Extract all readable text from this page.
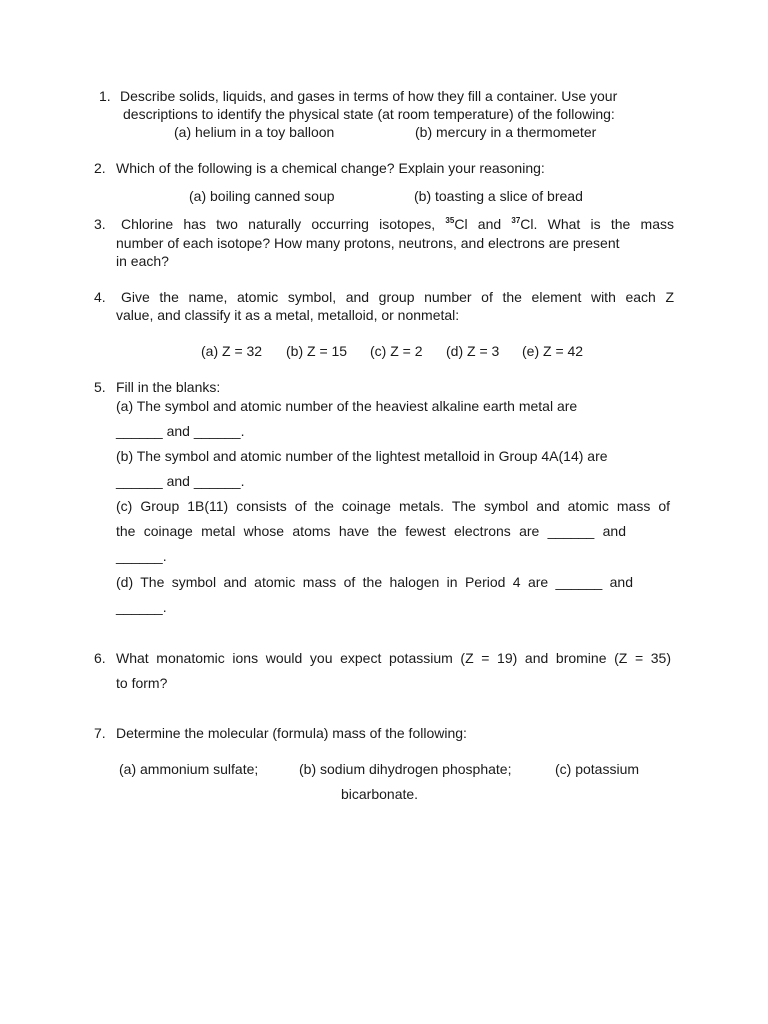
1. Describe solids, liquids, and gases in terms of how they fill a container. Use your
descriptions to identify the physical state (at room temperature) of the following:
(a) helium in a toy balloon	(b) mercury in a thermometer
2. Which of the following is a chemical change? Explain your reasoning:
(a) boiling canned soup	(b) toasting a slice of bread
3. Chlorine has two naturally occurring isotopes, $^{35}$Cl and $^{37}$Cl. What is the mass
number of each isotope? How many protons, neutrons, and electrons are present
in each?
4. Give the name, atomic symbol, and group number of the element with each Z
value, and classify it as a metal, metalloid, or nonmetal:
(a) Z = 32 (b) Z = 15 (c) Z = 2 (d) Z = 3 (e) Z = 42
5. Fill in the blanks:
(a) The symbol and atomic number of the heaviest alkaline earth metal are
______ and ______.
(b) The symbol and atomic number of the lightest metalloid in Group 4A(14) are
______ and ______.
(c) Group 1B(11) consists of the coinage metals. The symbol and atomic mass of
the coinage metal whose atoms have the fewest electrons are ______ and
______.
(d) The symbol and atomic mass of the halogen in Period 4 are ______ and
______.
6. What monatomic ions would you expect potassium (Z = 19) and bromine (Z = 35)
to form?
7. Determine the molecular (formula) mass of the following:
(a) ammonium sulfate;	(b) sodium dihydrogen phosphate;	(c) potassium
bicarbonate.
